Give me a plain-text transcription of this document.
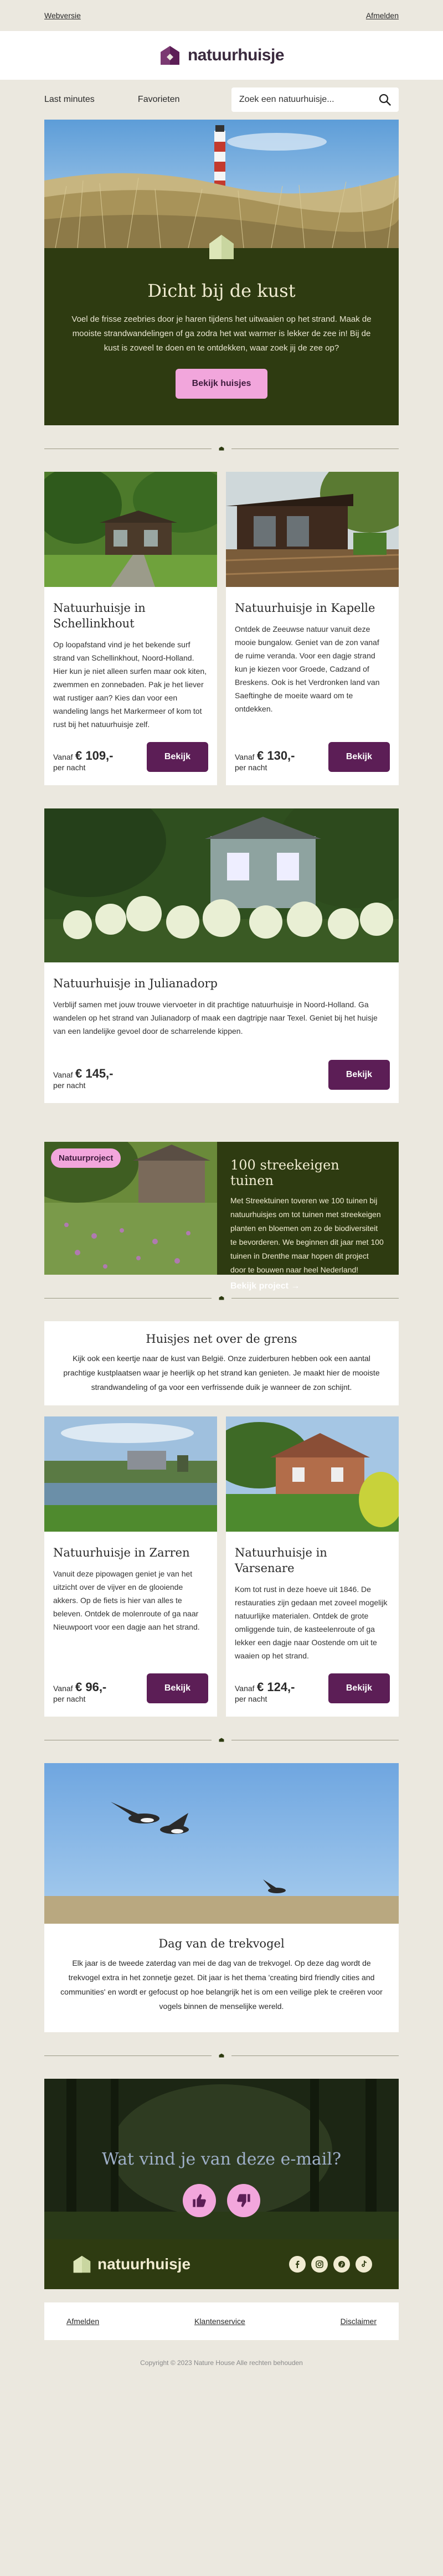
Webversie	Afmelden
natuurhuisje
Last minutes	Favorieten
Zoek een natuurhuisje...
Dicht bij de kust

Voel de frisse zeebries door je haren tijdens het uitwaaien op het strand. Maak de mooiste strandwandelingen of ga zodra het wat warmer is lekker de zee in! Bij de kust is zoveel te doen en te ontdekken, waar zoek jij de zee op?

Bekijk huisjes
Natuurhuisje in Schellinkhout

Op loopafstand vind je het bekende surf strand van Schellinkhout, Noord-Holland. Hier kun je niet alleen surfen maar ook kiten, zwemmen en zonnebaden. Pak je het liever wat rustiger aan? Kies dan voor een wandeling langs het Markermeer of kom tot rust bij het natuurhuisje zelf.

Vanaf € 109,-
per nacht
Bekijk
Natuurhuisje in Kapelle

Ontdek de Zeeuwse natuur vanuit deze mooie bungalow. Geniet van de zon vanaf de ruime veranda. Voor een dagje strand kun je kiezen voor Groede, Cadzand of Breskens. Ook is het Verdronken land van Saeftinghe de moeite waard om te ontdekken.

Vanaf € 130,-
per nacht
Bekijk
Natuurhuisje in Julianadorp

Verblijf samen met jouw trouwe viervoeter in dit prachtige natuurhuisje in Noord-Holland. Ga wandelen op het strand van Julianadorp of maak een dagtripje naar Texel. Geniet bij het huisje van een landelijke gevoel door de scharrelende kippen.

Vanaf € 145,-
per nacht
Bekijk
Natuurproject	100 streekeigen tuinen

Met Streektuinen toveren we 100 tuinen bij natuurhuisjes om tot tuinen met streekeigen planten en bloemen om zo de biodiversiteit te bevorderen. We beginnen dit jaar met 100 tuinen in Drenthe maar hopen dit project door te bouwen naar heel Nederland!

Bekijk project →
Huisjes net over de grens

Kijk ook een keertje naar de kust van België. Onze zuiderburen hebben ook een aantal prachtige kustplaatsen waar je heerlijk op het strand kan genieten. Je maakt hier de mooiste strandwandeling of ga voor een verfrissende duik je wanneer de zon schijnt.

Natuurhuisje in Zarren

Vanuit deze pipowagen geniet je van het uitzicht over de vijver en de glooiende akkers. Op de fiets is hier van alles te beleven. Ontdek de molenroute of ga naar Nieuwpoort voor een dagje aan het strand.

Vanaf € 96,-
per nacht
Bekijk
Natuurhuisje in Varsenare

Kom tot rust in deze hoeve uit 1846. De restauraties zijn gedaan met zoveel mogelijk natuurlijke materialen. Ontdek de grote omliggende tuin, de kasteelenroute of ga lekker een dagje naar Oostende om uit te waaien op het strand.

Vanaf € 124,-
per nacht
Bekijk
Dag van de trekvogel

Elk jaar is de tweede zaterdag van mei de dag van de trekvogel. Op deze dag wordt de trekvogel extra in het zonnetje gezet. Dit jaar is het thema 'creating bird friendly cities and communities' en wordt er gefocust op hoe belangrijk het is om een veilige plek te creëren voor vogels binnen de menselijke wereld.

Wat vind je van deze e-mail?
natuurhuisje
Afmelden	Klantenservice	Disclaimer

Copyright © 2023 Nature House Alle rechten behouden
